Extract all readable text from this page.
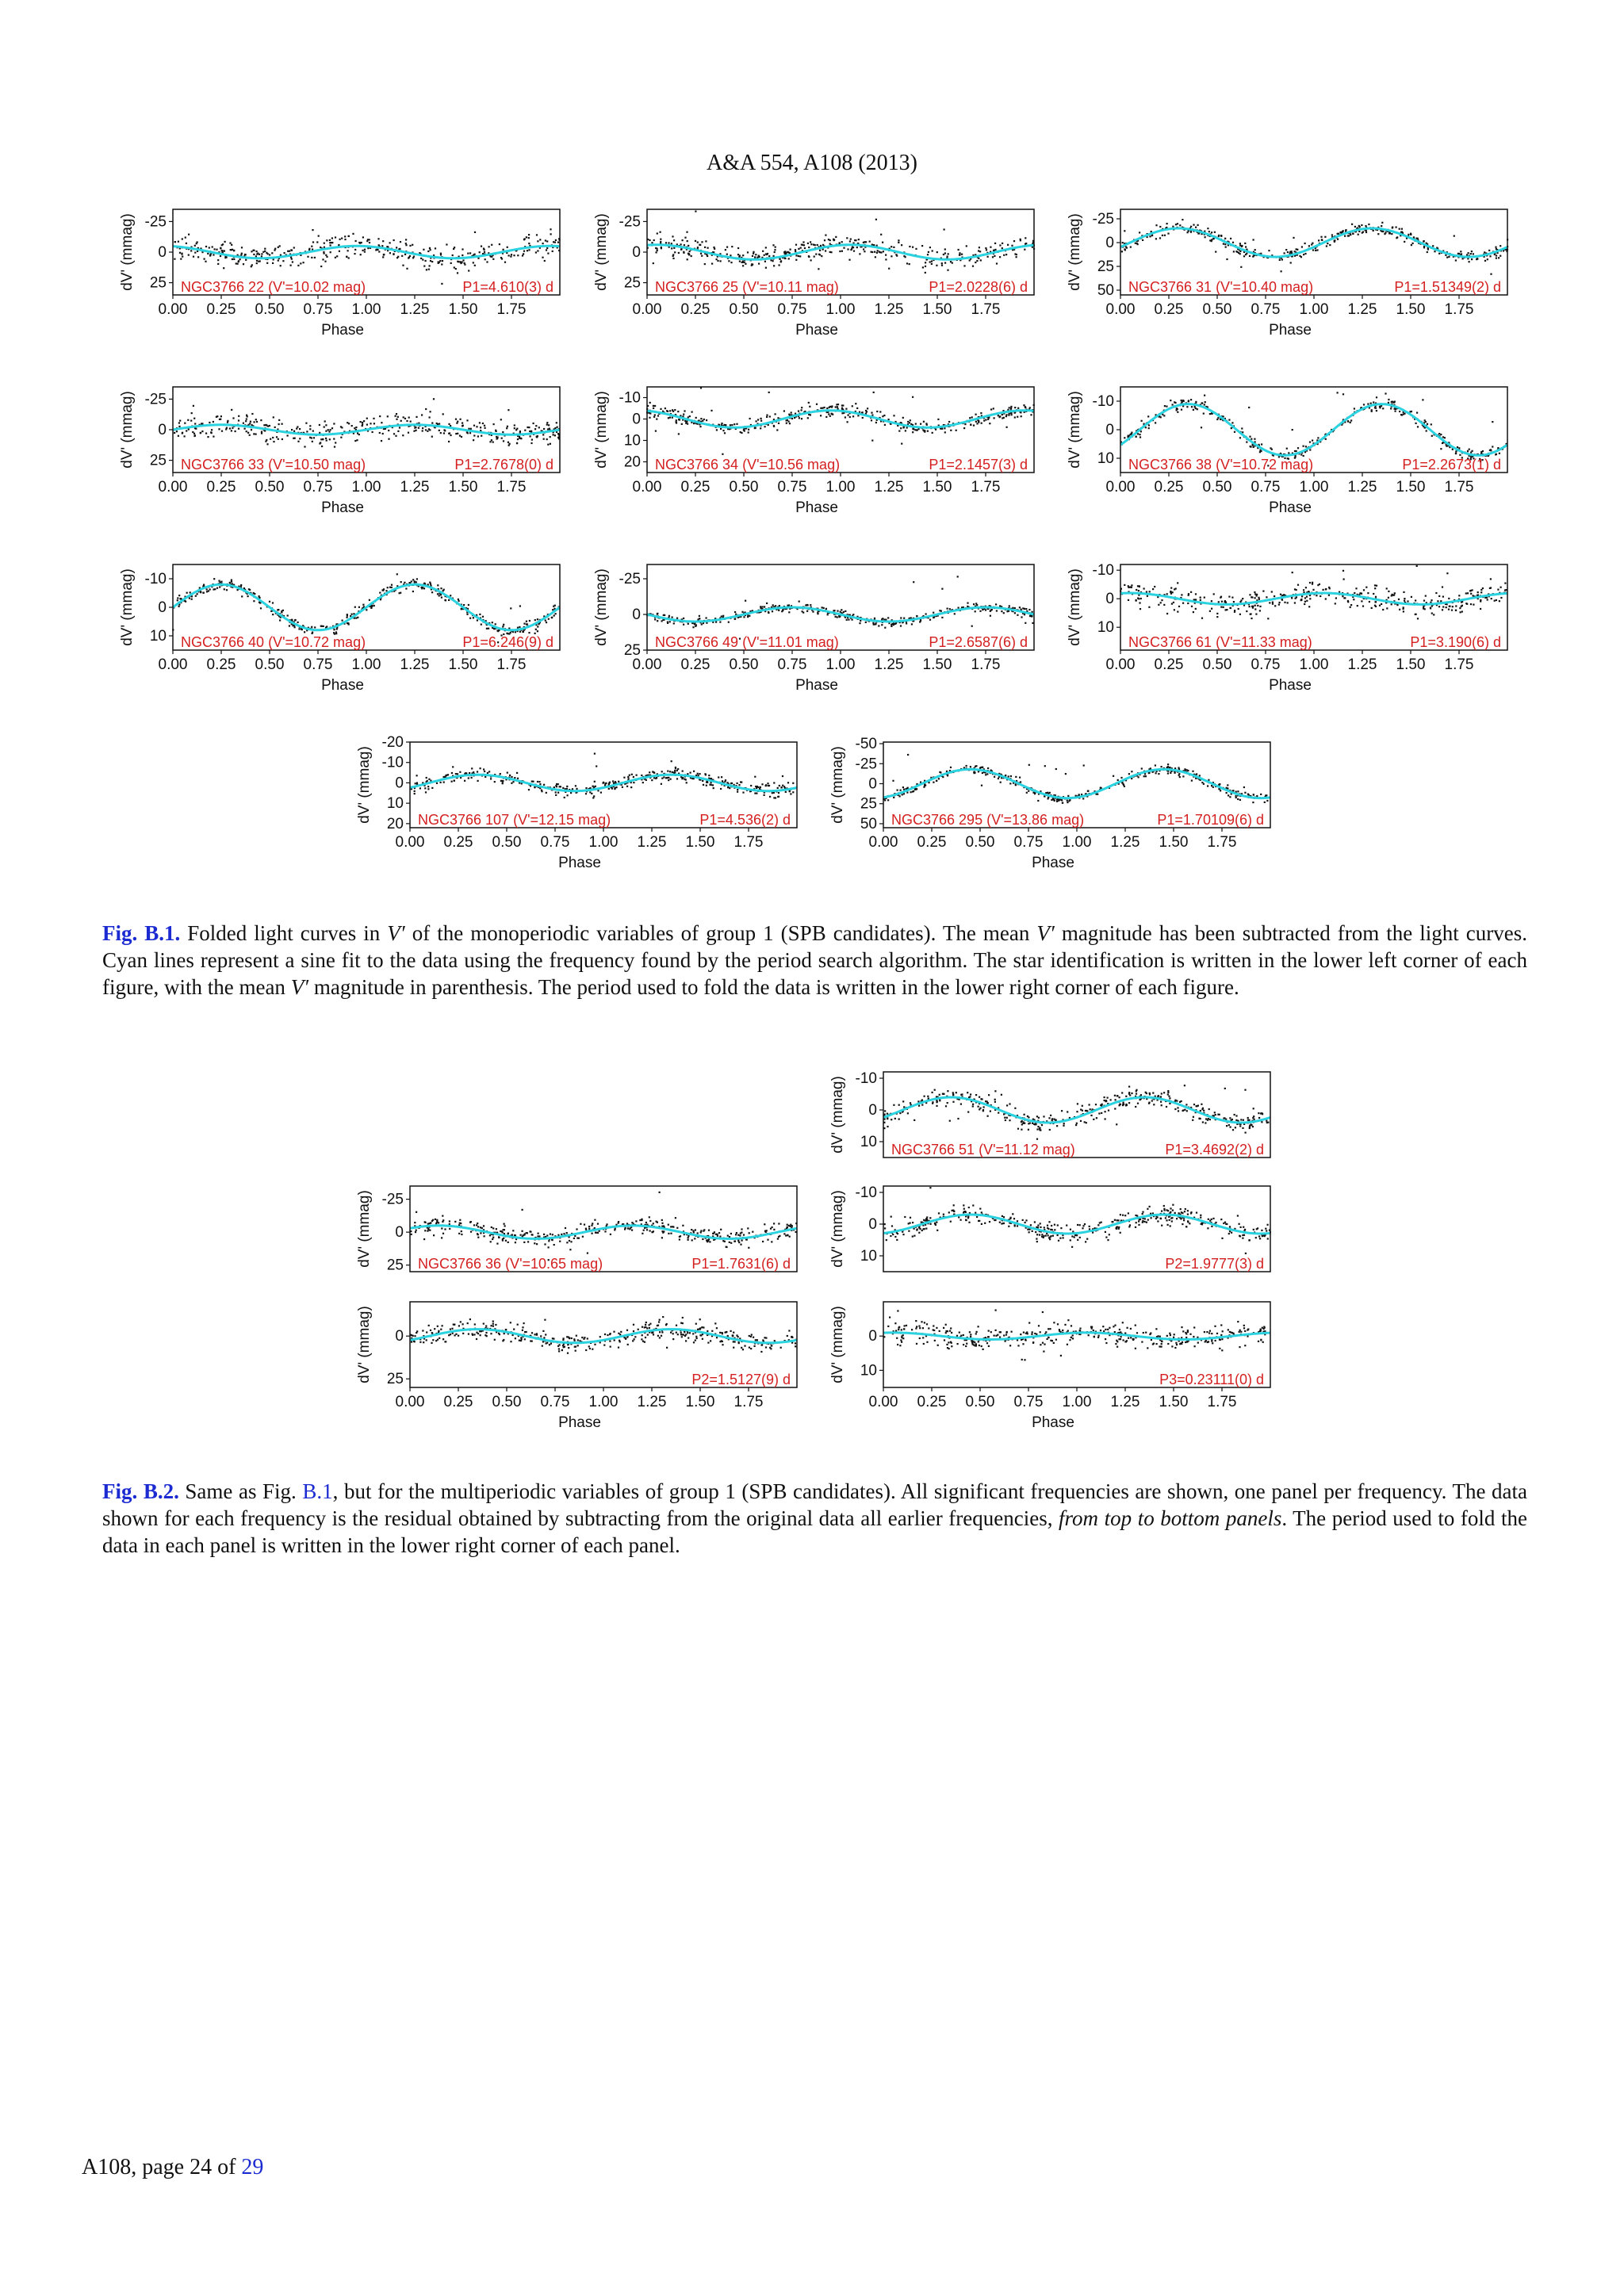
A&A 554, A108 (2013)
-25
0
25
dV' (mmag)	NGC3766 22 (V'=10.02 mag)	P1=4.610(3) d
0.00 0.25 0.50 0.75 1.00 1.25 1.50 1.75
Phase
-25
0
25
dV' (mmag)	NGC3766 25 (V'=10.11 mag)	P1=2.0228(6) d
0.00 0.25 0.50 0.75 1.00 1.25 1.50 1.75
Phase
-25
0
25
50
dV' (mmag)	NGC3766 31 (V'=10.40 mag)	P1=1.51349(2) d
0.00 0.25 0.50 0.75 1.00 1.25 1.50 1.75
Phase
-25
0
25
dV' (mmag)	NGC3766 33 (V'=10.50 mag)	P1=2.7678(0) d
0.00 0.25 0.50 0.75 1.00 1.25 1.50 1.75
Phase
-10
0
10
20
dV' (mmag)	NGC3766 34 (V'=10.56 mag)	P1=2.1457(3) d
0.00 0.25 0.50 0.75 1.00 1.25 1.50 1.75
Phase
-10
0
10
dV' (mmag)	NGC3766 38 (V'=10.72 mag)	P1=2.2673(1) d
0.00 0.25 0.50 0.75 1.00 1.25 1.50 1.75
Phase
-10
0
10
dV' (mmag)	NGC3766 40 (V'=10.72 mag)	P1=6.246(9) d
0.00 0.25 0.50 0.75 1.00 1.25 1.50 1.75
Phase
-25
0
25
dV' (mmag)	NGC3766 49 (V'=11.01 mag)	P1=2.6587(6) d
0.00 0.25 0.50 0.75 1.00 1.25 1.50 1.75
Phase
-10
0
10
dV' (mmag)	NGC3766 61 (V'=11.33 mag)	P1=3.190(6) d
0.00 0.25 0.50 0.75 1.00 1.25 1.50 1.75
Phase
-20
-10
0
10
20
dV' (mmag)	NGC3766 107 (V'=12.15 mag)	P1=4.536(2) d
0.00 0.25 0.50 0.75 1.00 1.25 1.50 1.75
Phase
-50
-25
0
25
50
dV' (mmag)	NGC3766 295 (V'=13.86 mag)	P1=1.70109(6) d
0.00 0.25 0.50 0.75 1.00 1.25 1.50 1.75
Phase

Fig. B.1. Folded light curves in V′ of the monoperiodic variables of group 1 (SPB candidates). The mean V′ magnitude has been subtracted from the light curves. Cyan lines represent a sine fit to the data using the frequency found by the period search algorithm. The star identification is written in the lower left corner of each figure, with the mean V′ magnitude in parenthesis. The period used to fold the data is written in the lower right corner of each figure.

-25
0
25
dV' (mmag)	NGC3766 36 (V'=10.65 mag)	P1=1.7631(6) d
0
25
dV' (mmag)	P2=1.5127(9) d
0.00 0.25 0.50 0.75 1.00 1.25 1.50 1.75
Phase
-10
0
10
dV' (mmag)	NGC3766 51 (V'=11.12 mag)	P1=3.4692(2) d
-10
0
10
dV' (mmag)	P2=1.9777(3) d
0
10
dV' (mmag)	P3=0.23111(0) d
0.00 0.25 0.50 0.75 1.00 1.25 1.50 1.75
Phase

Fig. B.2. Same as Fig. B.1, but for the multiperiodic variables of group 1 (SPB candidates). All significant frequencies are shown, one panel per frequency. The data shown for each frequency is the residual obtained by subtracting from the original data all earlier frequencies, from top to bottom panels. The period used to fold the data in each panel is written in the lower right corner of each panel.

A108, page 24 of 29
